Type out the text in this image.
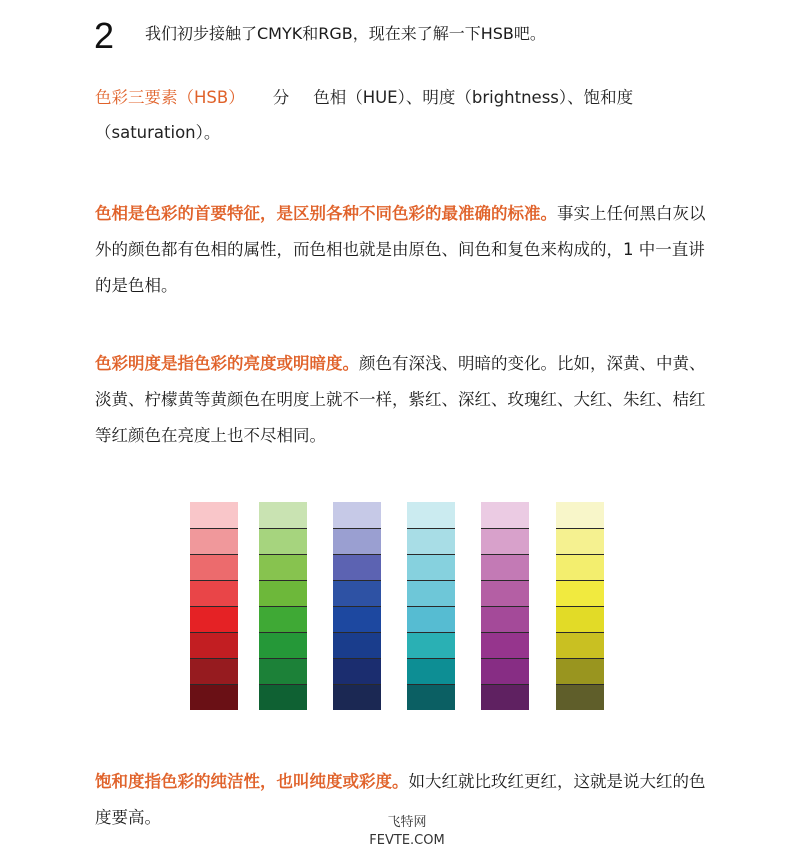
2 我们初步接触了CMYK和RGB，现在来了解一下HSB吧。
色彩三要素（HSB） 分 色相（HUE）、明度（brightness）、饱和度
（saturation）。
色相是色彩的首要特征，是区别各种不同色彩的最准确的标准。事实上任何黑白灰以外的颜色都有色相的属性，而色相也就是由原色、间色和复色来构成的，1 中一直讲的是色相。
色彩明度是指色彩的亮度或明暗度。颜色有深浅、明暗的变化。比如，深黄、中黄、淡黄、柠檬黄等黄颜色在明度上就不一样，紫红、深红、玫瑰红、大红、朱红、桔红等红颜色在亮度上也不尽相同。
饱和度指色彩的纯洁性，也叫纯度或彩度。如大红就比玫红更红，这就是说大红的色度要高。	飞特网
FEVTE.COM
